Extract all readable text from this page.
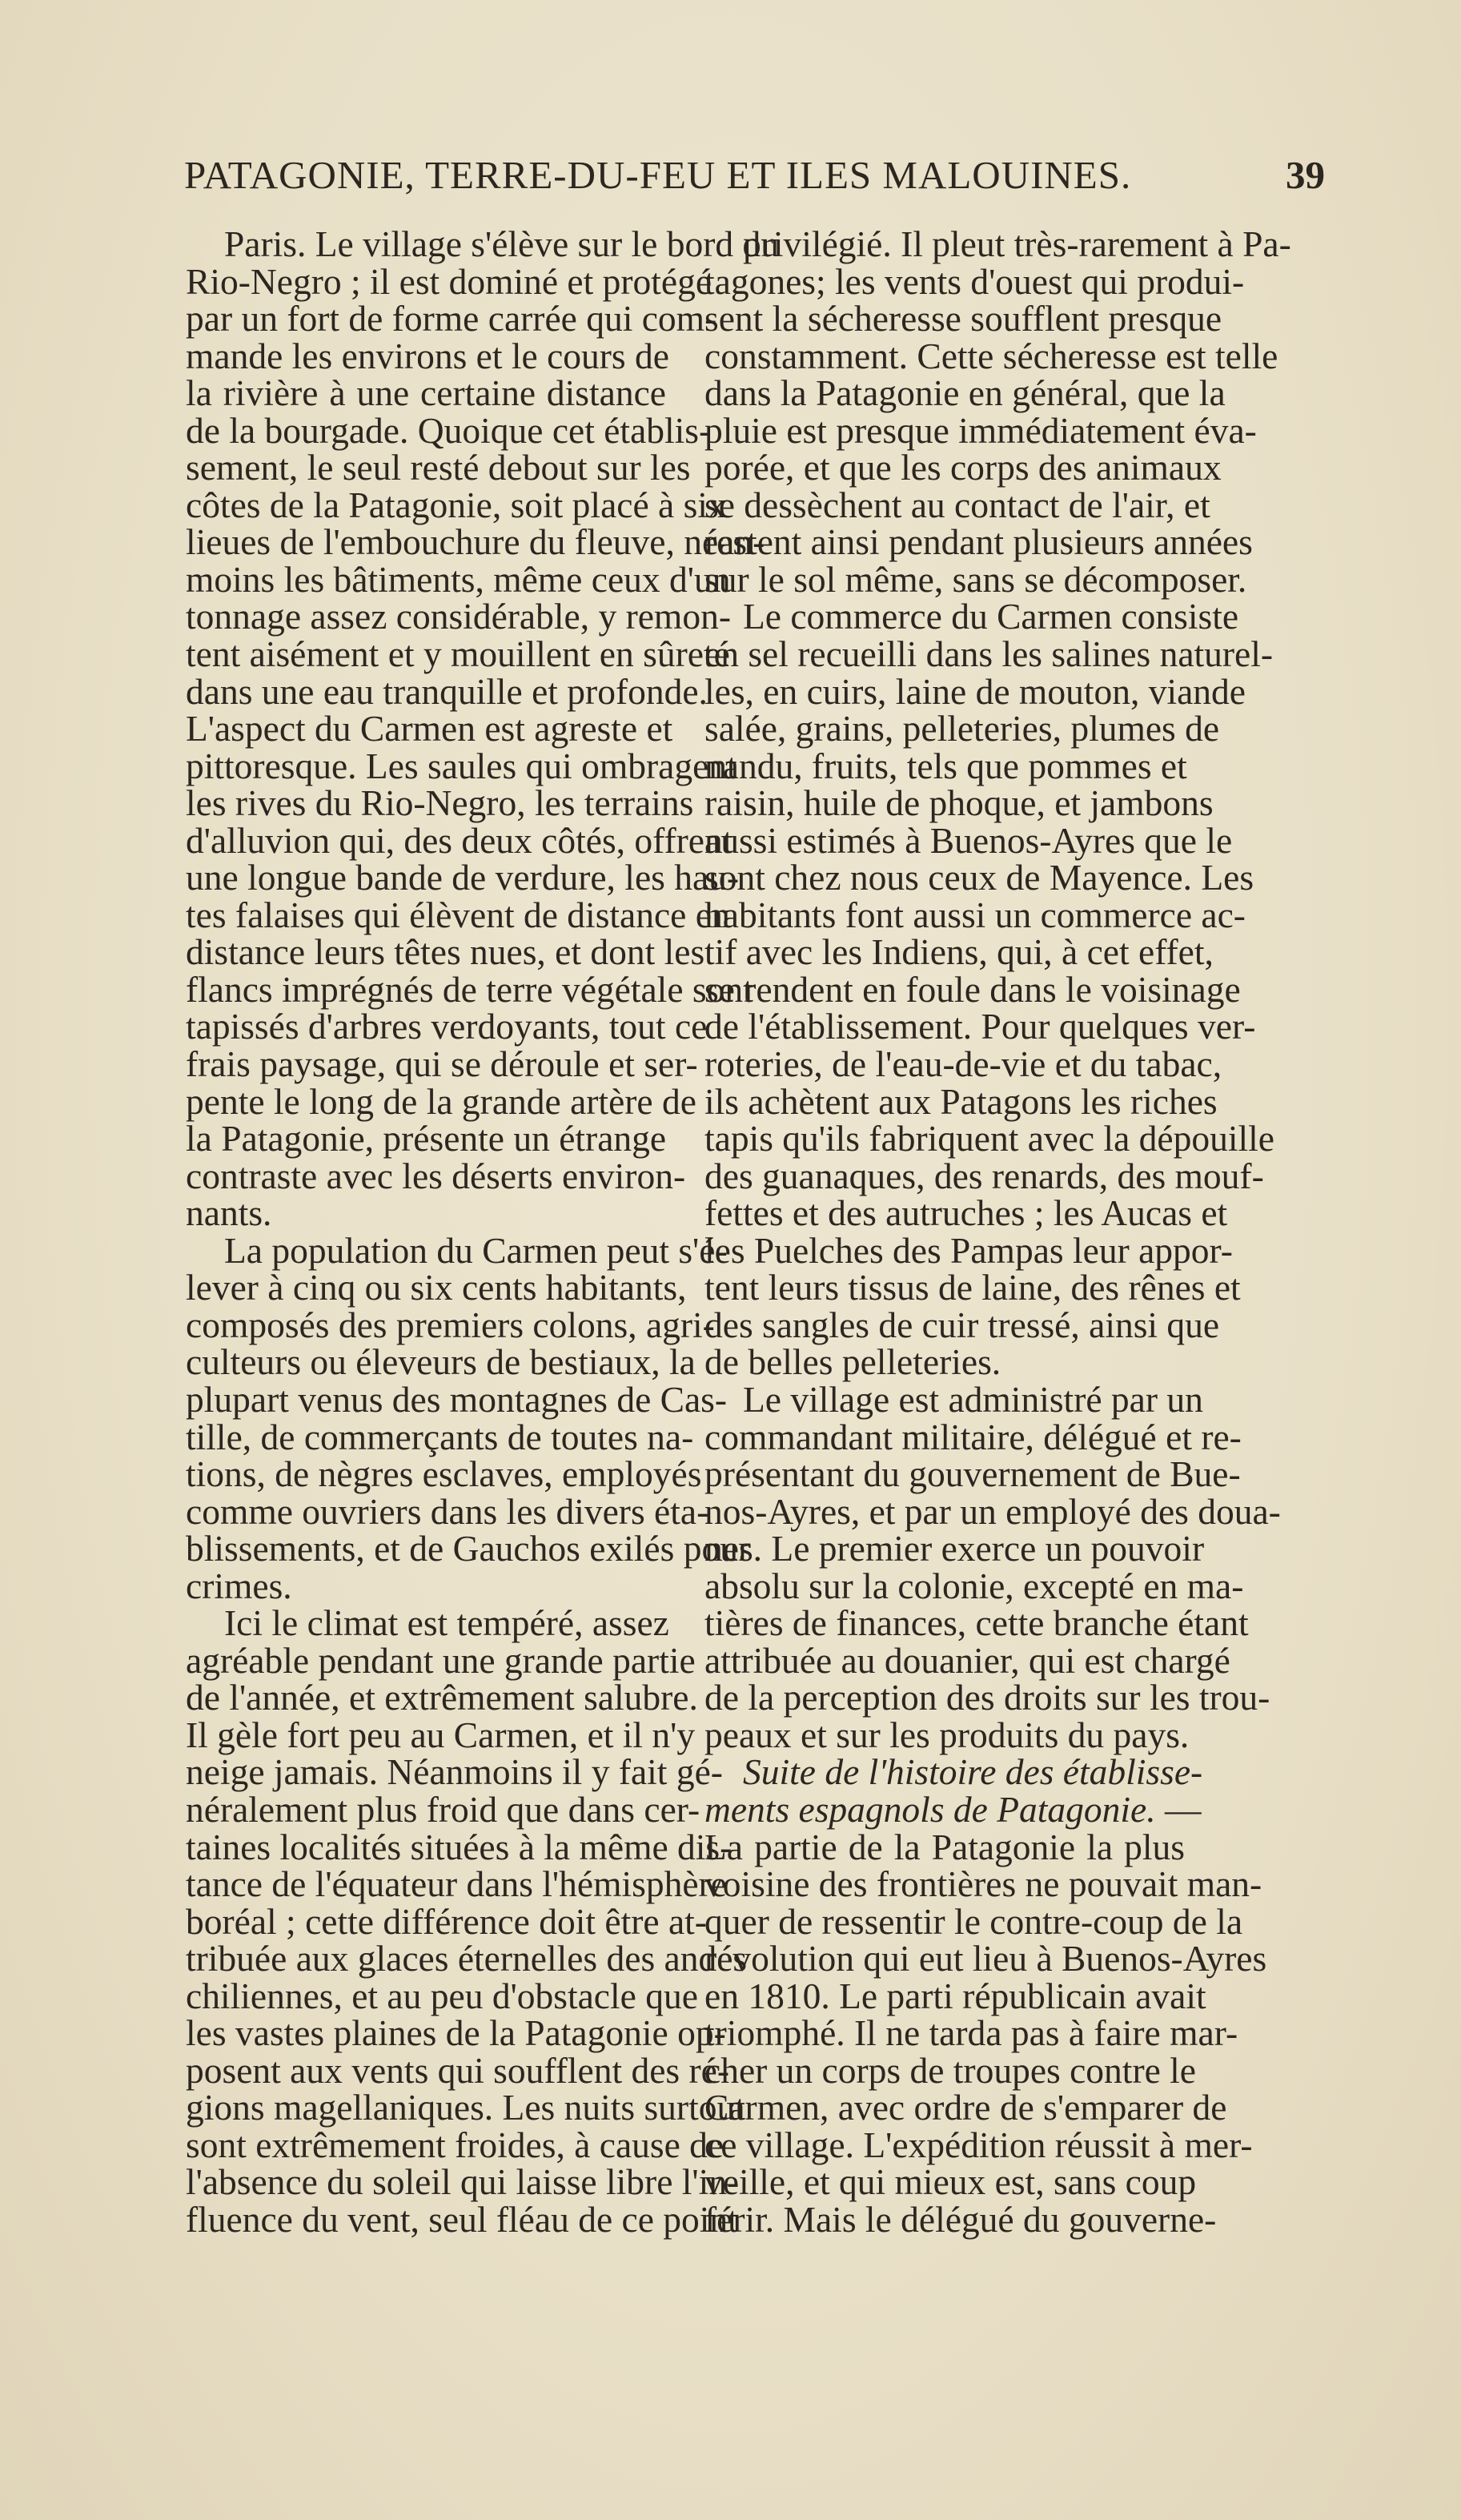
PATAGONIE, TERRE-DU-FEU ET ILES MALOUINES.	39
Paris. Le village s'élève sur le bord du
Rio-Negro ; il est dominé et protégé
par un fort de forme carrée qui com-
mande les environs et le cours de
la rivière à une certaine distance
de la bourgade. Quoique cet établis-
sement, le seul resté debout sur les
côtes de la Patagonie, soit placé à six
lieues de l'embouchure du fleuve, néan-
moins les bâtiments, même ceux d'un
tonnage assez considérable, y remon-
tent aisément et y mouillent en sûreté
dans une eau tranquille et profonde.
L'aspect du Carmen est agreste et
pittoresque. Les saules qui ombragent
les rives du Rio-Negro, les terrains
d'alluvion qui, des deux côtés, offrent
une longue bande de verdure, les hau-
tes falaises qui élèvent de distance en
distance leurs têtes nues, et dont les
flancs imprégnés de terre végétale sont
tapissés d'arbres verdoyants, tout ce
frais paysage, qui se déroule et ser-
pente le long de la grande artère de
la Patagonie, présente un étrange
contraste avec les déserts environ-
nants.
La population du Carmen peut s'é-
lever à cinq ou six cents habitants,
composés des premiers colons, agri-
culteurs ou éleveurs de bestiaux, la
plupart venus des montagnes de Cas-
tille, de commerçants de toutes na-
tions, de nègres esclaves, employés
comme ouvriers dans les divers éta-
blissements, et de Gauchos exilés pour
crimes.
Ici le climat est tempéré, assez
agréable pendant une grande partie
de l'année, et extrêmement salubre.
Il gèle fort peu au Carmen, et il n'y
neige jamais. Néanmoins il y fait gé-
néralement plus froid que dans cer-
taines localités situées à la même dis-
tance de l'équateur dans l'hémisphère
boréal ; cette différence doit être at-
tribuée aux glaces éternelles des andes
chiliennes, et au peu d'obstacle que
les vastes plaines de la Patagonie op-
posent aux vents qui soufflent des ré-
gions magellaniques. Les nuits surtout
sont extrêmement froides, à cause de
l'absence du soleil qui laisse libre l'in-
fluence du vent, seul fléau de ce point
privilégié. Il pleut très-rarement à Pa-
tagones; les vents d'ouest qui produi-
sent la sécheresse soufflent presque
constamment. Cette sécheresse est telle
dans la Patagonie en général, que la
pluie est presque immédiatement éva-
porée, et que les corps des animaux
se dessèchent au contact de l'air, et
restent ainsi pendant plusieurs années
sur le sol même, sans se décomposer.
Le commerce du Carmen consiste
en sel recueilli dans les salines naturel-
les, en cuirs, laine de mouton, viande
salée, grains, pelleteries, plumes de
nandu, fruits, tels que pommes et
raisin, huile de phoque, et jambons
aussi estimés à Buenos-Ayres que le
sont chez nous ceux de Mayence. Les
habitants font aussi un commerce ac-
tif avec les Indiens, qui, à cet effet,
se rendent en foule dans le voisinage
de l'établissement. Pour quelques ver-
roteries, de l'eau-de-vie et du tabac,
ils achètent aux Patagons les riches
tapis qu'ils fabriquent avec la dépouille
des guanaques, des renards, des mouf-
fettes et des autruches ; les Aucas et
les Puelches des Pampas leur appor-
tent leurs tissus de laine, des rênes et
des sangles de cuir tressé, ainsi que
de belles pelleteries.
Le village est administré par un
commandant militaire, délégué et re-
présentant du gouvernement de Bue-
nos-Ayres, et par un employé des doua-
nes. Le premier exerce un pouvoir
absolu sur la colonie, excepté en ma-
tières de finances, cette branche étant
attribuée au douanier, qui est chargé
de la perception des droits sur les trou-
peaux et sur les produits du pays.
Suite de l'histoire des établisse-
ments espagnols de Patagonie. —
La partie de la Patagonie la plus
voisine des frontières ne pouvait man-
quer de ressentir le contre-coup de la
révolution qui eut lieu à Buenos-Ayres
en 1810. Le parti républicain avait
triomphé. Il ne tarda pas à faire mar-
cher un corps de troupes contre le
Carmen, avec ordre de s'emparer de
ce village. L'expédition réussit à mer-
veille, et qui mieux est, sans coup
férir. Mais le délégué du gouverne-
